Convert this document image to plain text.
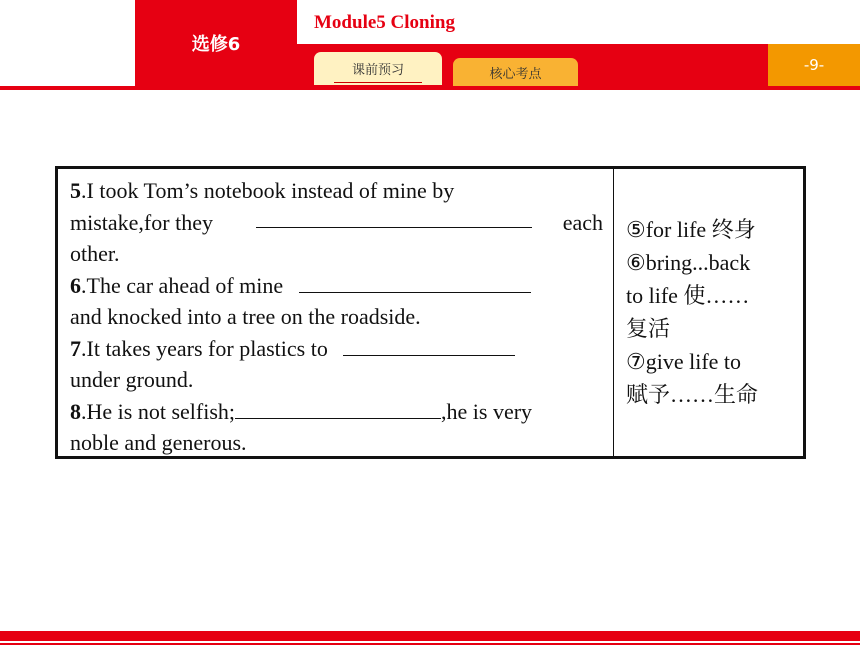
选修6
Module5 Cloning
-9-
课前预习	核心考点
5.I took Tom’s notebook instead of mine by
mistake,for they	each
other.
6.The car ahead of mine
and knocked into a tree on the roadside.
7.It takes years for plastics to
under ground.
8.He is not selfish;	,he is very
noble and generous.
⑤for life 终身
⑥bring...back
to life 使……
复活
⑦give life to
赋予……生命
